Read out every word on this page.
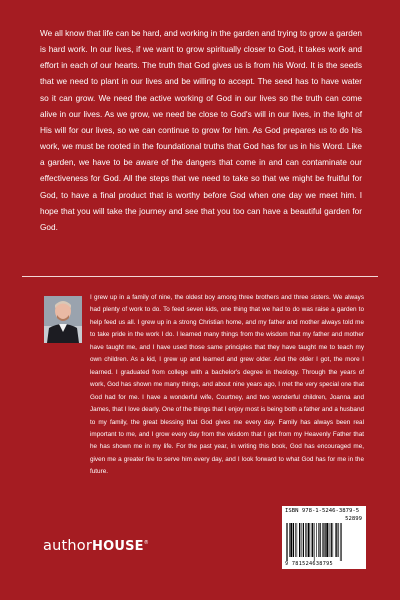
We all know that life can be hard, and working in the garden and trying to grow a garden is hard work. In our lives, if we want to grow spiritually closer to God, it takes work and effort in each of our hearts. The truth that God gives us is from his Word. It is the seeds that we need to plant in our lives and be willing to accept. The seed has to have water so it can grow. We need the active working of God in our lives so the truth can come alive in our lives. As we grow, we need be close to God's will in our lives, in the light of His will for our lives, so we can continue to grow for him. As God prepares us to do his work, we must be rooted in the foundational truths that God has for us in his Word. Like a garden, we have to be aware of the dangers that come in and can contaminate our effectiveness for God. All the steps that we need to take so that we might be fruitful for God, to have a final product that is worthy before God when one day we meet him. I hope that you will take the journey and see that you too can have a beautiful garden for God.

I grew up in a family of nine, the oldest boy among three brothers and three sisters. We always had plenty of work to do. To feed seven kids, one thing that we had to do was raise a garden to help feed us all. I grew up in a strong Christian home, and my father and mother always told me to take pride in the work I do. I learned many things from the wisdom that my father and mother have taught me, and I have used those same principles that they have taught me to teach my own children. As a kid, I grew up and learned and grew older. And the older I got, the more I learned. I graduated from college with a bachelor's degree in theology. Through the years of work, God has shown me many things, and about nine years ago, I met the very special one that God had for me. I have a wonderful wife, Courtney, and two wonderful children, Joanna and James, that I love dearly. One of the things that I enjoy most is being both a father and a husband to my family, the great blessing that God gives me every day. Family has always been real important to me, and I grow every day from the wisdom that I get from my Heavenly Father that he has shown me in my life. For the past year, in writing this book, God has encouraged me, given me a greater fire to serve him every day, and I look forward to what God has for me in the future.

authorHOUSE®
ISBN 978-1-5246-3879-5
52899
9 781524638795
